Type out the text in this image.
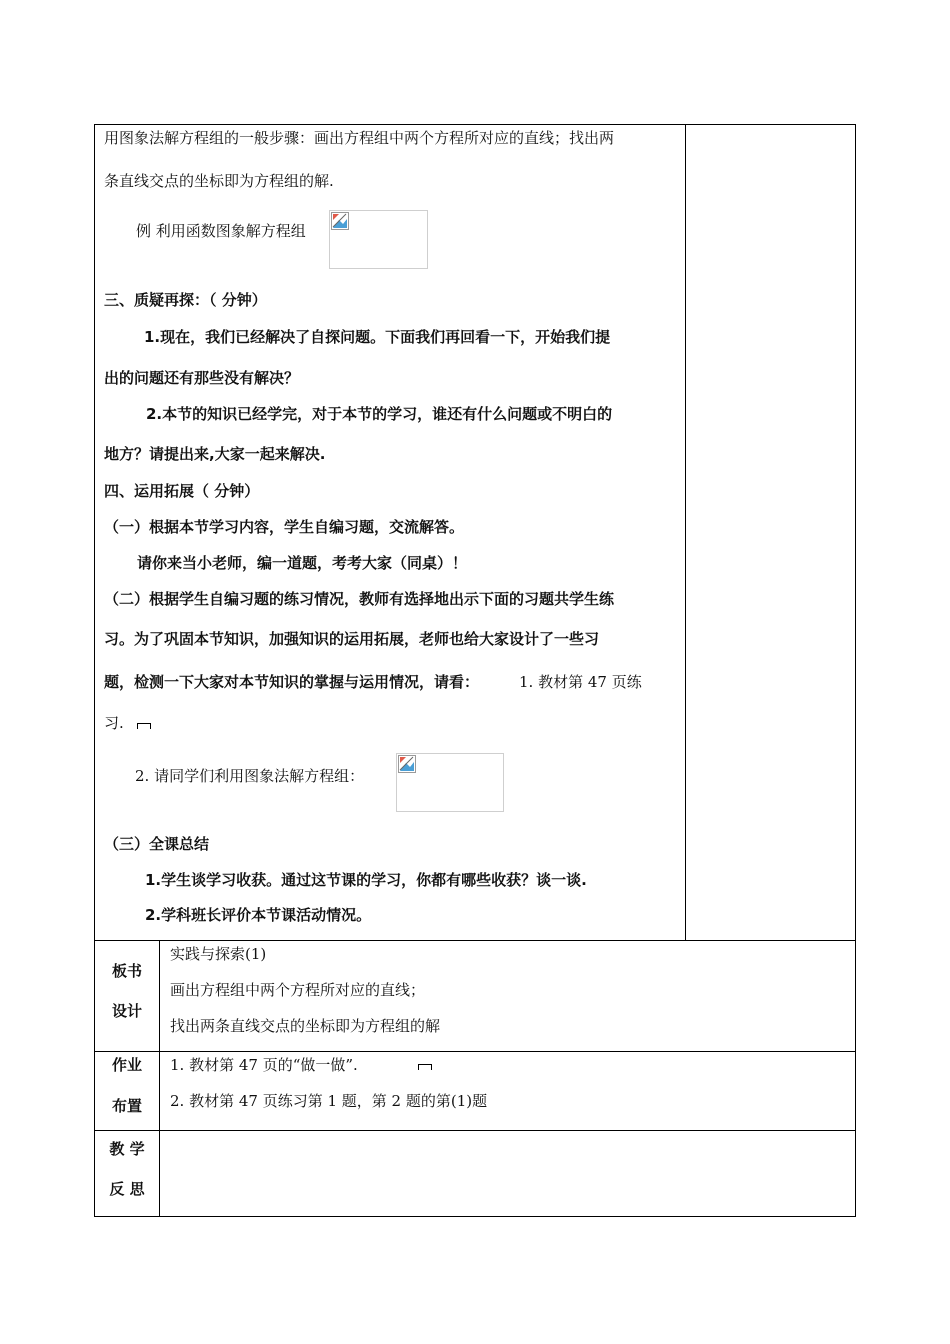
用图象法解方程组的一般步骤：画出方程组中两个方程所对应的直线；找出两
条直线交点的坐标即为方程组的解.
例 利用函数图象解方程组
三、质疑再探：（ 分钟）
1.现在，我们已经解决了自探问题。下面我们再回看一下，开始我们提
出的问题还有那些没有解决？
2.本节的知识已经学完，对于本节的学习，谁还有什么问题或不明白的
地方？请提出来,大家一起来解决.
四、运用拓展（ 分钟）
（一）根据本节学习内容，学生自编习题，交流解答。
请你来当小老师，编一道题，考考大家（同桌）！
（二）根据学生自编习题的练习情况，教师有选择地出示下面的习题共学生练
习。为了巩固本节知识，加强知识的运用拓展，老师也给大家设计了一些习
题，检测一下大家对本节知识的掌握与运用情况，请看：	1. 教材第 47 页练
习.
2. 请同学们利用图象法解方程组：
（三）全课总结
1.学生谈学习收获。通过这节课的学习，你都有哪些收获？谈一谈.
2.学科班长评价本节课活动情况。
板书
设计
实践与探索(1)
画出方程组中两个方程所对应的直线；
找出两条直线交点的坐标即为方程组的解
作业
布置
1. 教材第 47 页的“做一做”.
2. 教材第 47 页练习第 1 题，第 2 题的第(1)题
教 学
反 思
